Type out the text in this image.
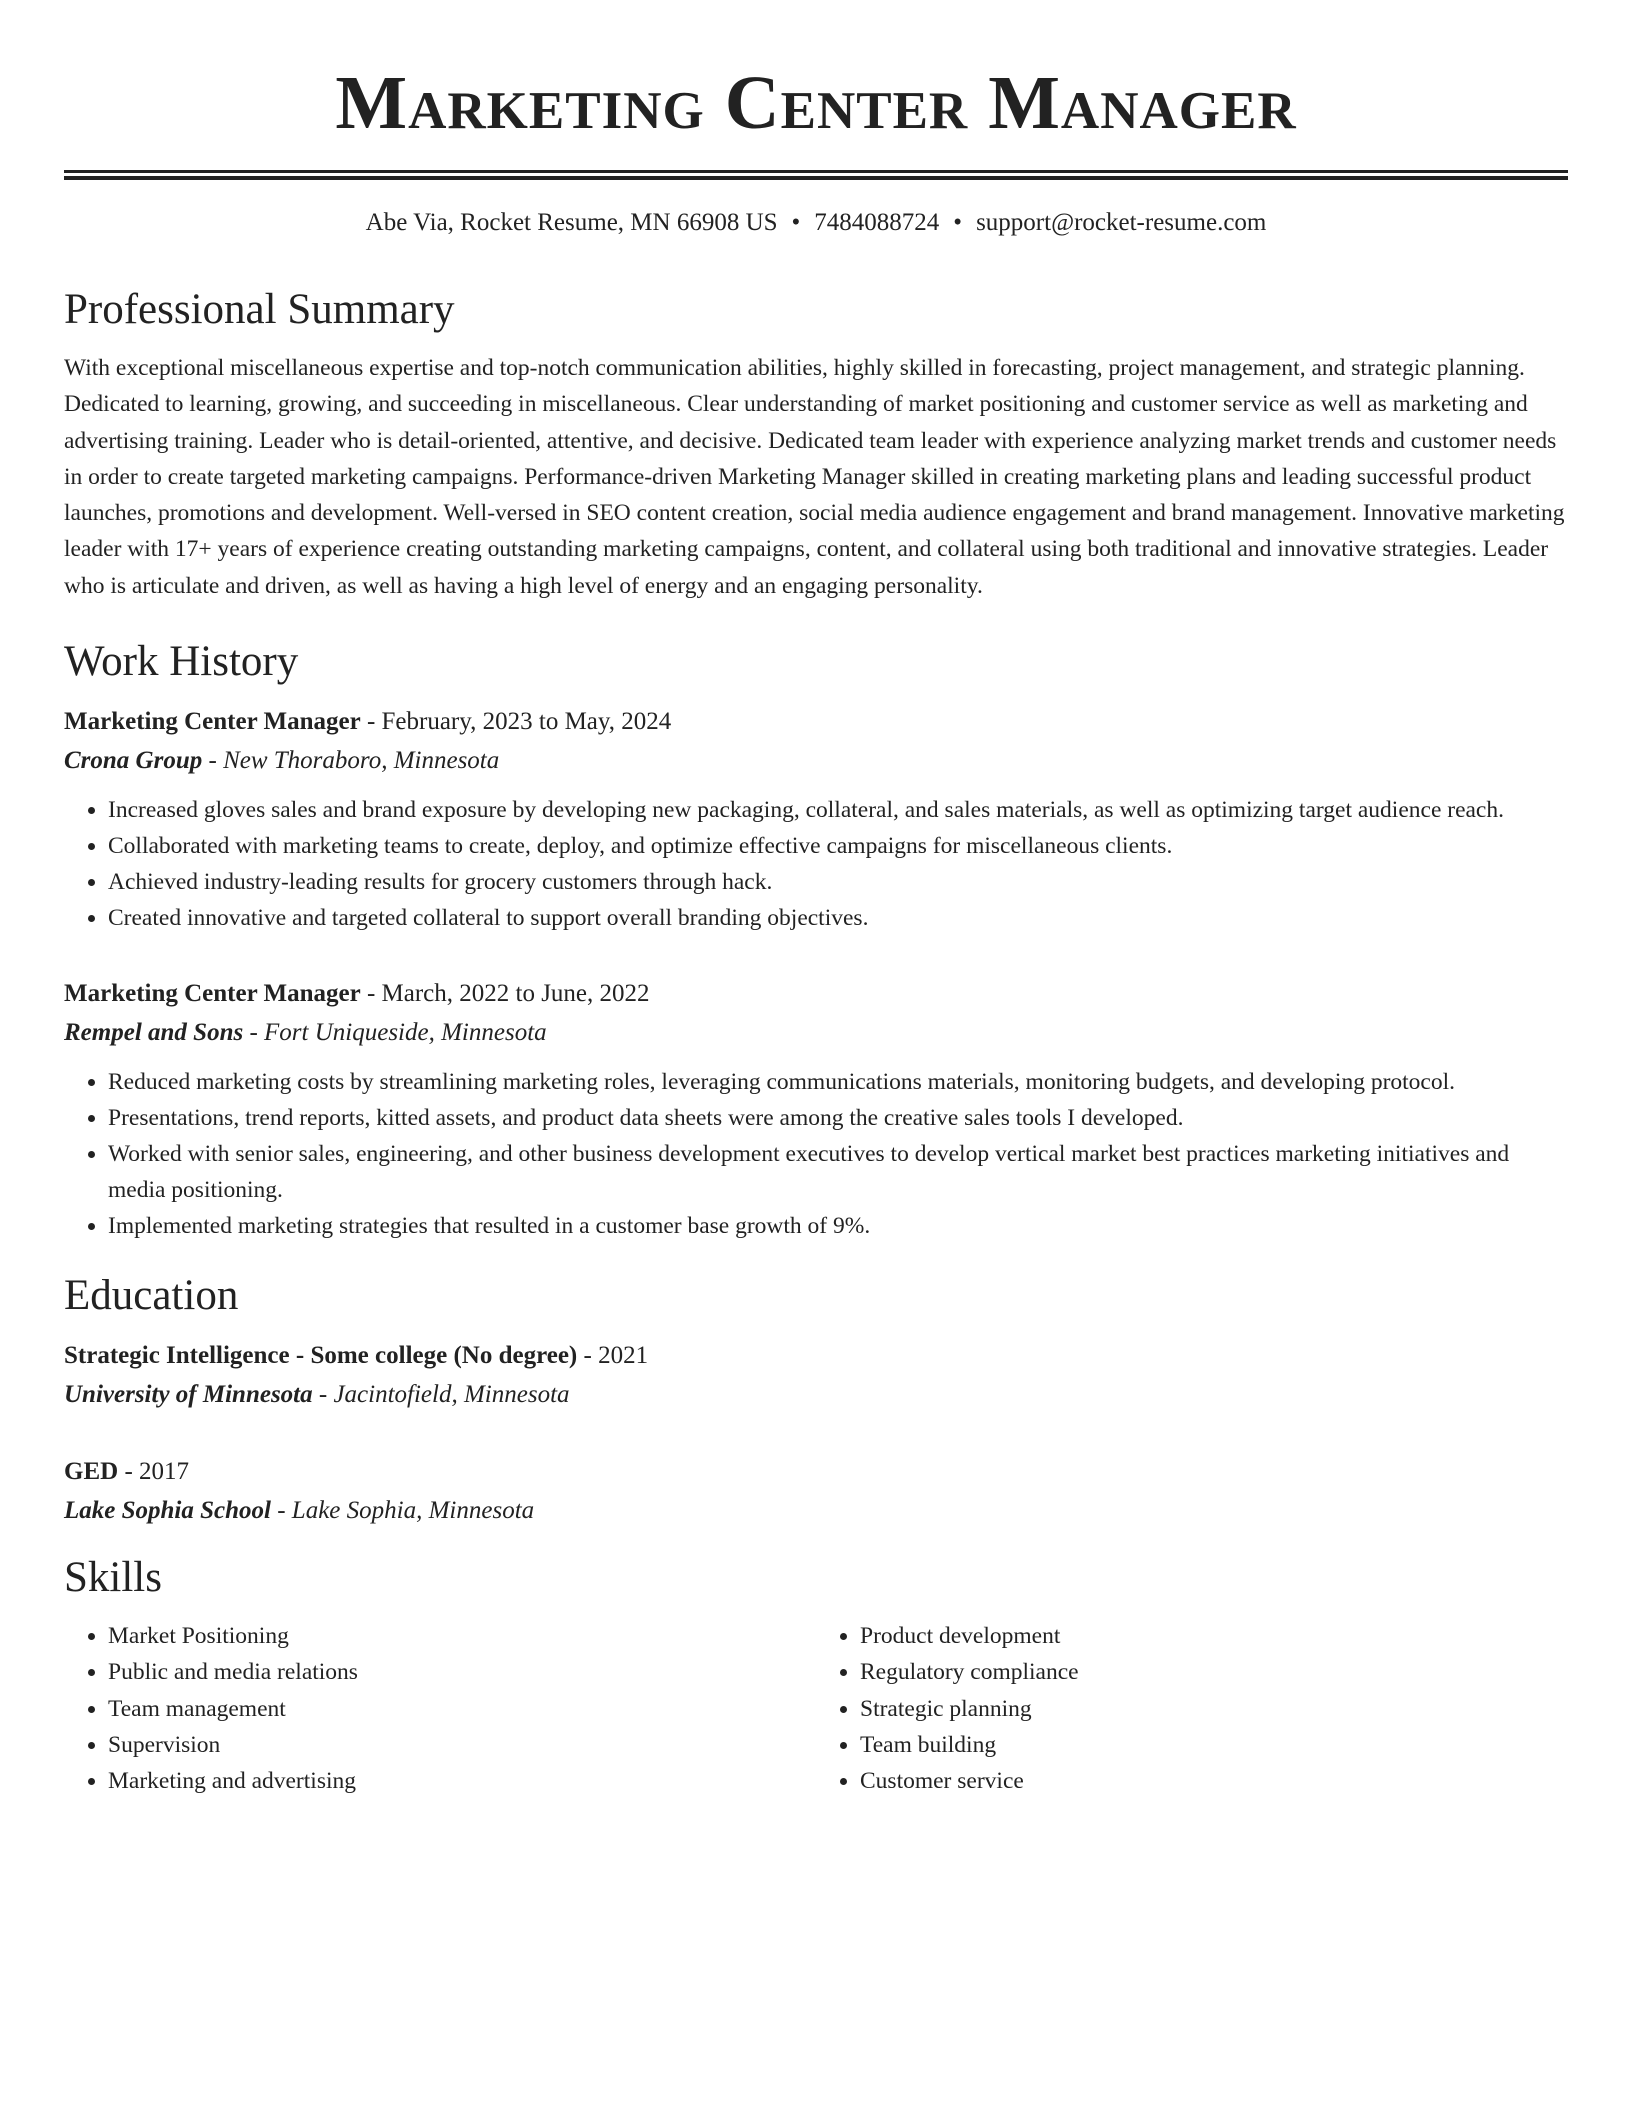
Marketing Center Manager
Abe Via, Rocket Resume, MN 66908 US • 7484088724 • support@rocket-resume.com
Professional Summary
With exceptional miscellaneous expertise and top-notch communication abilities, highly skilled in forecasting, project management, and strategic planning. Dedicated to learning, growing, and succeeding in miscellaneous. Clear understanding of market positioning and customer service as well as marketing and advertising training. Leader who is detail-oriented, attentive, and decisive. Dedicated team leader with experience analyzing market trends and customer needs in order to create targeted marketing campaigns. Performance-driven Marketing Manager skilled in creating marketing plans and leading successful product launches, promotions and development. Well-versed in SEO content creation, social media audience engagement and brand management. Innovative marketing leader with 17+ years of experience creating outstanding marketing campaigns, content, and collateral using both traditional and innovative strategies. Leader who is articulate and driven, as well as having a high level of energy and an engaging personality.
Work History
Marketing Center Manager - February, 2023 to May, 2024
Crona Group - New Thoraboro, Minnesota
• Increased gloves sales and brand exposure by developing new packaging, collateral, and sales materials, as well as optimizing target audience reach.
• Collaborated with marketing teams to create, deploy, and optimize effective campaigns for miscellaneous clients.
• Achieved industry-leading results for grocery customers through hack.
• Created innovative and targeted collateral to support overall branding objectives.
Marketing Center Manager - March, 2022 to June, 2022
Rempel and Sons - Fort Uniqueside, Minnesota
• Reduced marketing costs by streamlining marketing roles, leveraging communications materials, monitoring budgets, and developing protocol.
• Presentations, trend reports, kitted assets, and product data sheets were among the creative sales tools I developed.
• Worked with senior sales, engineering, and other business development executives to develop vertical market best practices marketing initiatives and media positioning.
• Implemented marketing strategies that resulted in a customer base growth of 9%.
Education
Strategic Intelligence - Some college (No degree) - 2021
University of Minnesota - Jacintofield, Minnesota
GED - 2017
Lake Sophia School - Lake Sophia, Minnesota
Skills
• Market Positioning
• Public and media relations
• Team management
• Supervision
• Marketing and advertising
• Product development
• Regulatory compliance
• Strategic planning
• Team building
• Customer service
